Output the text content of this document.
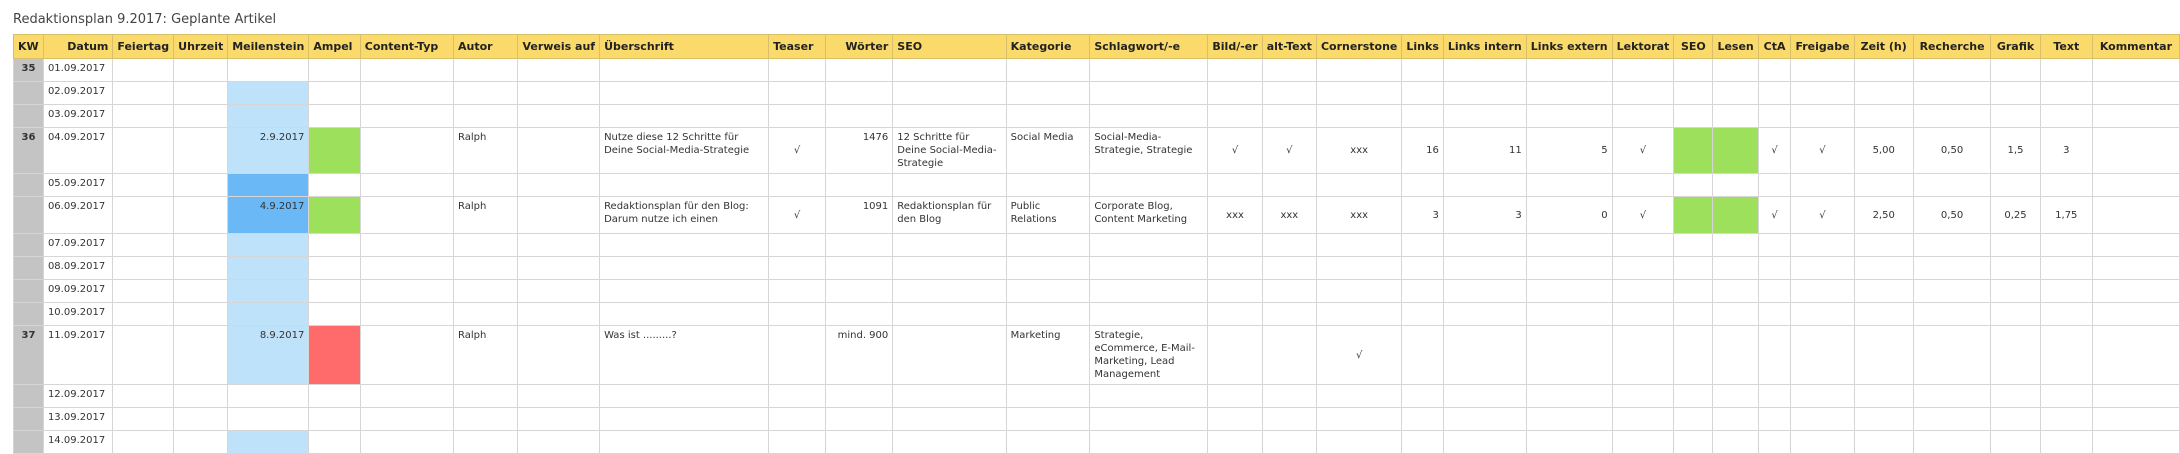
Redaktionsplan 9.2017: Geplante Artikel
KW	Datum	Feiertag	Uhrzeit	Meilenstein	Ampel	Content-Typ	Autor	Verweis auf	Überschrift	Teaser	Wörter	SEO	Kategorie	Schlagwort/-e	Bild/-er	alt-Text	Cornerstone	Links	Links intern	Links extern	Lektorat	SEO	Lesen	CtA	Freigabe	Zeit (h)	Recherche	Grafik	Text	Kommentar
35	01.09.2017																													
	02.09.2017																													
	03.09.2017																													
36	04.09.2017			2.9.2017			Ralph		Nutze diese 12 Schritte für Deine Social-Media-Strategie	√	1476	12 Schritte für Deine Social-Media-Strategie	Social Media	Social-Media-Strategie, Strategie	√	√	xxx	16	11	5	√			√	√	5,00	0,50	1,5	3	
	05.09.2017																													
	06.09.2017			4.9.2017			Ralph		Redaktionsplan für den Blog: Darum nutze ich einen	√	1091	Redaktionsplan für den Blog	Public Relations	Corporate Blog, Content Marketing	xxx	xxx	xxx	3	3	0	√			√	√	2,50	0,50	0,25	1,75	
	07.09.2017																													
	08.09.2017																													
	09.09.2017																													
	10.09.2017																													
37	11.09.2017			8.9.2017			Ralph		Was ist .........?		mind. 900		Marketing	Strategie, eCommerce, E-Mail-Marketing, Lead Management			√													
	12.09.2017																													
	13.09.2017																													
	14.09.2017																													
